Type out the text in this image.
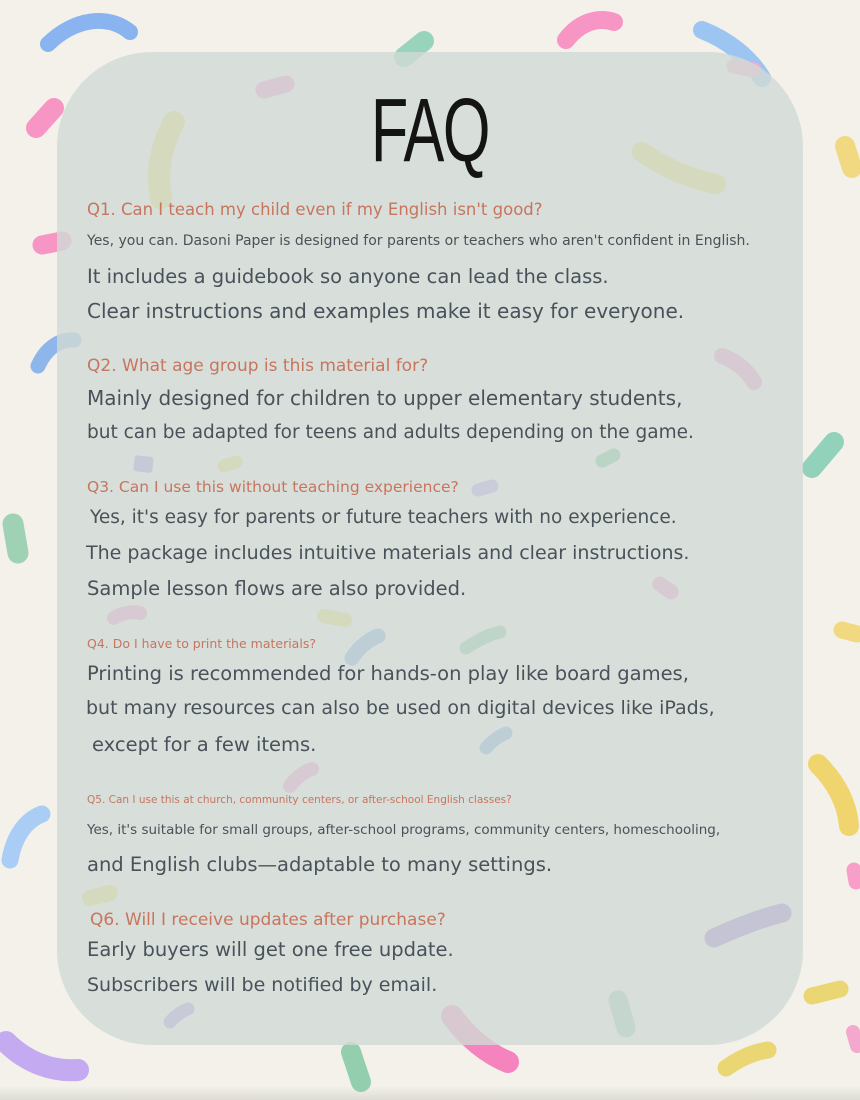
FAQ
Q1. Can I teach my child even if my English isn't good?
Yes, you can. Dasoni Paper is designed for parents or teachers who aren't confident in English.
It includes a guidebook so anyone can lead the class.
Clear instructions and examples make it easy for everyone.
Q2. What age group is this material for?
Mainly designed for children to upper elementary students,
but can be adapted for teens and adults depending on the game.
Q3. Can I use this without teaching experience?
Yes, it's easy for parents or future teachers with no experience.
The package includes intuitive materials and clear instructions.
Sample lesson flows are also provided.
Q4. Do I have to print the materials?
Printing is recommended for hands-on play like board games,
but many resources can also be used on digital devices like iPads,
except for a few items.
Q5. Can I use this at church, community centers, or after-school English classes?
Yes, it's suitable for small groups, after-school programs, community centers, homeschooling,
and English clubs—adaptable to many settings.
Q6. Will I receive updates after purchase?
Early buyers will get one free update.
Subscribers will be notified by email.
